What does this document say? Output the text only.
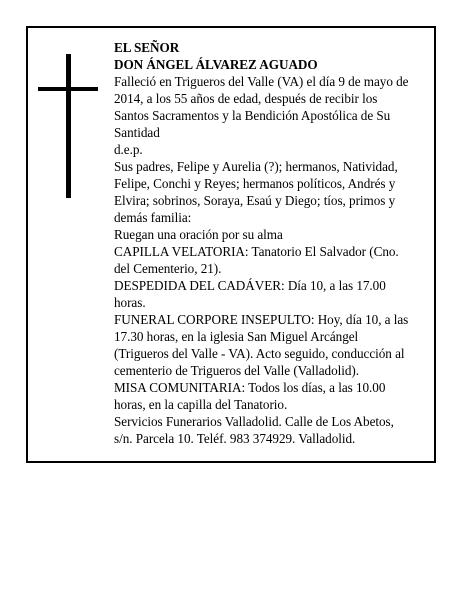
EL SEÑOR

DON ÁNGEL ÁLVAREZ AGUADO

Falleció en Trigueros del Valle (VA) el día 9 de mayo de 2014, a los 55 años de edad, después de recibir los Santos Sacramentos y la Bendición Apostólica de Su Santidad

d.e.p.

Sus padres, Felipe y Aurelia (?); hermanos, Natividad, Felipe, Conchi y Reyes; hermanos políticos, Andrés y Elvira; sobrinos, Soraya, Esaú y Diego; tíos, primos y demás familia:

Ruegan una oración por su alma

CAPILLA VELATORIA: Tanatorio El Salvador (Cno. del Cementerio, 21).

DESPEDIDA DEL CADÁVER: Día 10, a las 17.00 horas.

FUNERAL CORPORE INSEPULTO: Hoy, día 10, a las 17.30 horas, en la iglesia San Miguel Arcángel (Trigueros del Valle - VA). Acto seguido, conducción al cementerio de Trigueros del Valle (Valladolid).

MISA COMUNITARIA: Todos los días, a las 10.00 horas, en la capilla del Tanatorio.

Servicios Funerarios Valladolid. Calle de Los Abetos, s/n. Parcela 10. Teléf. 983 374929. Valladolid.
